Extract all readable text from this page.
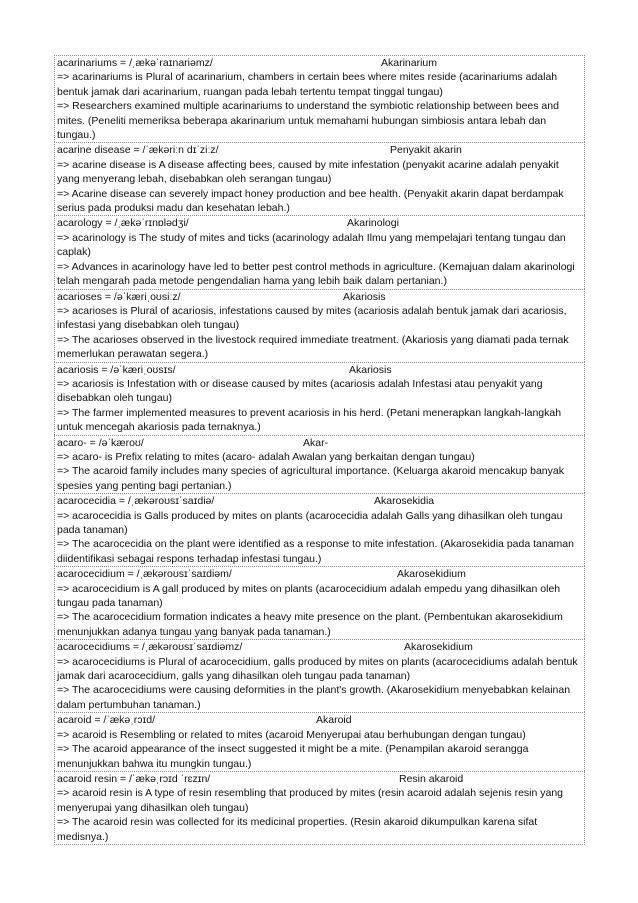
acarinariums = /ˌækəˈraɪnariəmz/	Akarinarium
=> acarinariums is Plural of acarinarium, chambers in certain bees where mites reside (acarinariums adalah bentuk jamak dari acarinarium, ruangan pada lebah tertentu tempat tinggal tungau)
=> Researchers examined multiple acarinariums to understand the symbiotic relationship between bees and mites. (Peneliti memeriksa beberapa akarinarium untuk memahami hubungan simbiosis antara lebah dan tungau.)
acarine disease = /ˈækəriːn dɪˈziːz/	Penyakit akarin
=> acarine disease is A disease affecting bees, caused by mite infestation (penyakit acarine adalah penyakit yang menyerang lebah, disebabkan oleh serangan tungau)
=> Acarine disease can severely impact honey production and bee health. (Penyakit akarin dapat berdampak serius pada produksi madu dan kesehatan lebah.)
acarology = /ˌækəˈrɪnɒlədʒi/	Akarinologi
=> acarinology is The study of mites and ticks (acarinology adalah Ilmu yang mempelajari tentang tungau dan caplak)
=> Advances in acarinology have led to better pest control methods in agriculture. (Kemajuan dalam akarinologi telah mengarah pada metode pengendalian hama yang lebih baik dalam pertanian.)
acarioses = /əˈkæriˌoʊsiːz/	Akariosis
=> acarioses is Plural of acariosis, infestations caused by mites (acariosis adalah bentuk jamak dari acariosis, infestasi yang disebabkan oleh tungau)
=> The acarioses observed in the livestock required immediate treatment. (Akariosis yang diamati pada ternak memerlukan perawatan segera.)
acariosis = /əˈkæriˌoʊsɪs/	Akariosis
=> acariosis is Infestation with or disease caused by mites (acariosis adalah Infestasi atau penyakit yang disebabkan oleh tungau)
=> The farmer implemented measures to prevent acariosis in his herd. (Petani menerapkan langkah-langkah untuk mencegah akariosis pada ternaknya.)
acaro- = /əˈkæroʊ/	Akar-
=> acaro- is Prefix relating to mites (acaro- adalah Awalan yang berkaitan dengan tungau)
=> The acaroid family includes many species of agricultural importance. (Keluarga akaroid mencakup banyak spesies yang penting bagi pertanian.)
acarocecidia = /ˌækəroʊsɪˈsaɪdiə/	Akarosekidia
=> acarocecidia is Galls produced by mites on plants (acarocecidia adalah Galls yang dihasilkan oleh tungau pada tanaman)
=> The acarocecidia on the plant were identified as a response to mite infestation. (Akarosekidia pada tanaman diidentifikasi sebagai respons terhadap infestasi tungau.)
acarocecidium = /ˌækəroʊsɪˈsaɪdiəm/	Akarosekidium
=> acarocecidium is A gall produced by mites on plants (acarocecidium adalah empedu yang dihasilkan oleh tungau pada tanaman)
=> The acarocecidium formation indicates a heavy mite presence on the plant. (Pembentukan akarosekidium menunjukkan adanya tungau yang banyak pada tanaman.)
acarocecidiums = /ˌækəroʊsɪˈsaɪdiəmz/	Akarosekidium
=> acarocecidiums is Plural of acarocecidium, galls produced by mites on plants (acarocecidiums adalah bentuk jamak dari acarocecidium, galls yang dihasilkan oleh tungau pada tanaman)
=> The acarocecidiums were causing deformities in the plant's growth. (Akarosekidium menyebabkan kelainan dalam pertumbuhan tanaman.)
acaroid = /ˈækəˌrɔɪd/	Akaroid
=> acaroid is Resembling or related to mites (acaroid Menyerupai atau berhubungan dengan tungau)
=> The acaroid appearance of the insect suggested it might be a mite. (Penampilan akaroid serangga menunjukkan bahwa itu mungkin tungau.)
acaroid resin = /ˈækəˌrɔɪd ˈrɛzɪn/	Resin akaroid
=> acaroid resin is A type of resin resembling that produced by mites (resin acaroid adalah sejenis resin yang menyerupai yang dihasilkan oleh tungau)
=> The acaroid resin was collected for its medicinal properties. (Resin akaroid dikumpulkan karena sifat medisnya.)
